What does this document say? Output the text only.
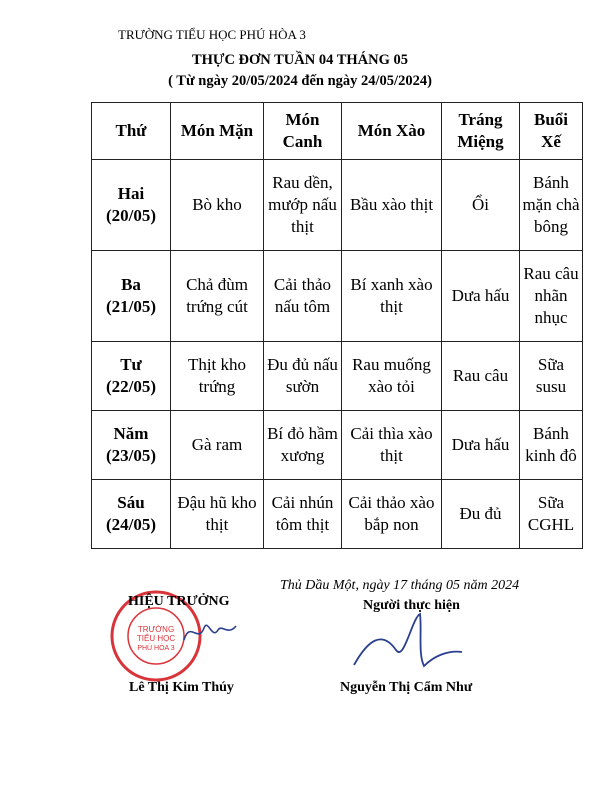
TRƯỜNG TIỂU HỌC PHÚ HÒA 3
THỰC ĐƠN TUẦN 04 THÁNG 05
( Từ ngày 20/05/2024 đến ngày 24/05/2024)
Thứ	Món Mặn	Món Canh	Món Xào	Tráng Miệng	Buổi Xế
Hai (20/05)	Bò kho	Rau dền, mướp nấu thịt	Bầu xào thịt	Ổi	Bánh mặn chà bông
Ba (21/05)	Chả đùm trứng cút	Cải thảo nấu tôm	Bí xanh xào thịt	Dưa hấu	Rau câu nhãn nhục
Tư (22/05)	Thịt kho trứng	Đu đủ nấu sườn	Rau muống xào tỏi	Rau câu	Sữa susu
Năm (23/05)	Gà ram	Bí đỏ hầm xương	Cải thìa xào thịt	Dưa hấu	Bánh kinh đô
Sáu (24/05)	Đậu hũ kho thịt	Cải nhún tôm thịt	Cải thảo xào bắp non	Đu đủ	Sữa CGHL
Thủ Dầu Một, ngày 17 tháng 05 năm 2024
TRƯỜNG
TIỂU HỌC
PHÚ HÒA 3
HIỆU TRƯỞNG	Người thực hiện
Lê Thị Kim Thúy	Nguyễn Thị Cẩm Như
